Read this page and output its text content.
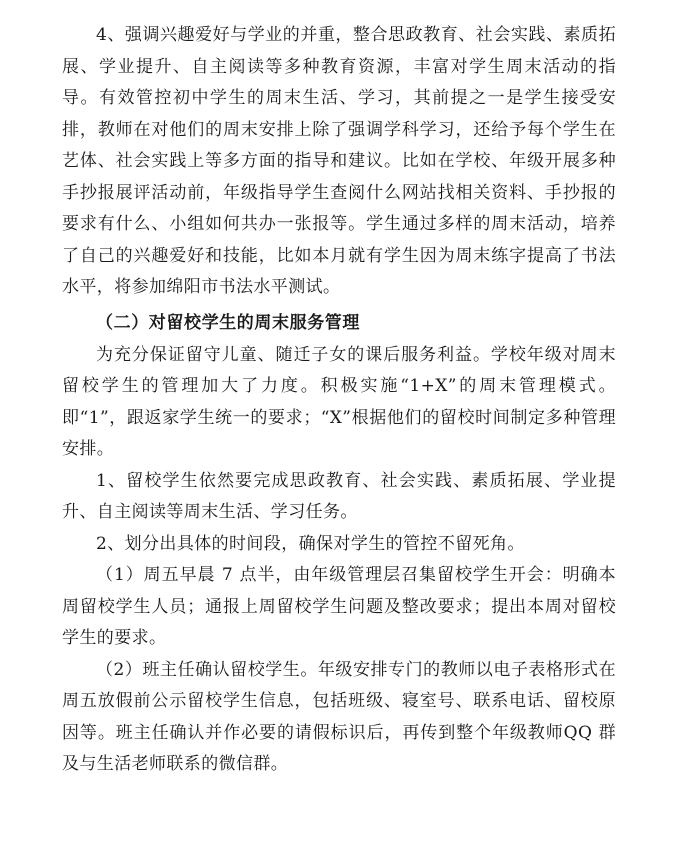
4、强调兴趣爱好与学业的并重，整合思政教育、社会实践、素质拓展、学业提升、自主阅读等多种教育资源，丰富对学生周末活动的指导。有效管控初中学生的周末生活、学习，其前提之一是学生接受安排，教师在对他们的周末安排上除了强调学科学习，还给予每个学生在艺体、社会实践上等多方面的指导和建议。比如在学校、年级开展多种手抄报展评活动前，年级指导学生查阅什么网站找相关资料、手抄报的要求有什么、小组如何共办一张报等。学生通过多样的周末活动，培养了自己的兴趣爱好和技能，比如本月就有学生因为周末练字提高了书法水平，将参加绵阳市书法水平测试。

（二）对留校学生的周末服务管理

为充分保证留守儿童、随迁子女的课后服务利益。学校年级对周末留校学生的管理加大了力度。积极实施“1+X”的周末管理模式。即“1”，跟返家学生统一的要求；“X”根据他们的留校时间制定多种管理安排。

1、留校学生依然要完成思政教育、社会实践、素质拓展、学业提升、自主阅读等周末生活、学习任务。

2、划分出具体的时间段，确保对学生的管控不留死角。

（1）周五早晨 7 点半，由年级管理层召集留校学生开会：明确本周留校学生人员；通报上周留校学生问题及整改要求；提出本周对留校学生的要求。

（2）班主任确认留校学生。年级安排专门的教师以电子表格形式在周五放假前公示留校学生信息，包括班级、寝室号、联系电话、留校原因等。班主任确认并作必要的请假标识后，再传到整个年级教师QQ 群及与生活老师联系的微信群。
